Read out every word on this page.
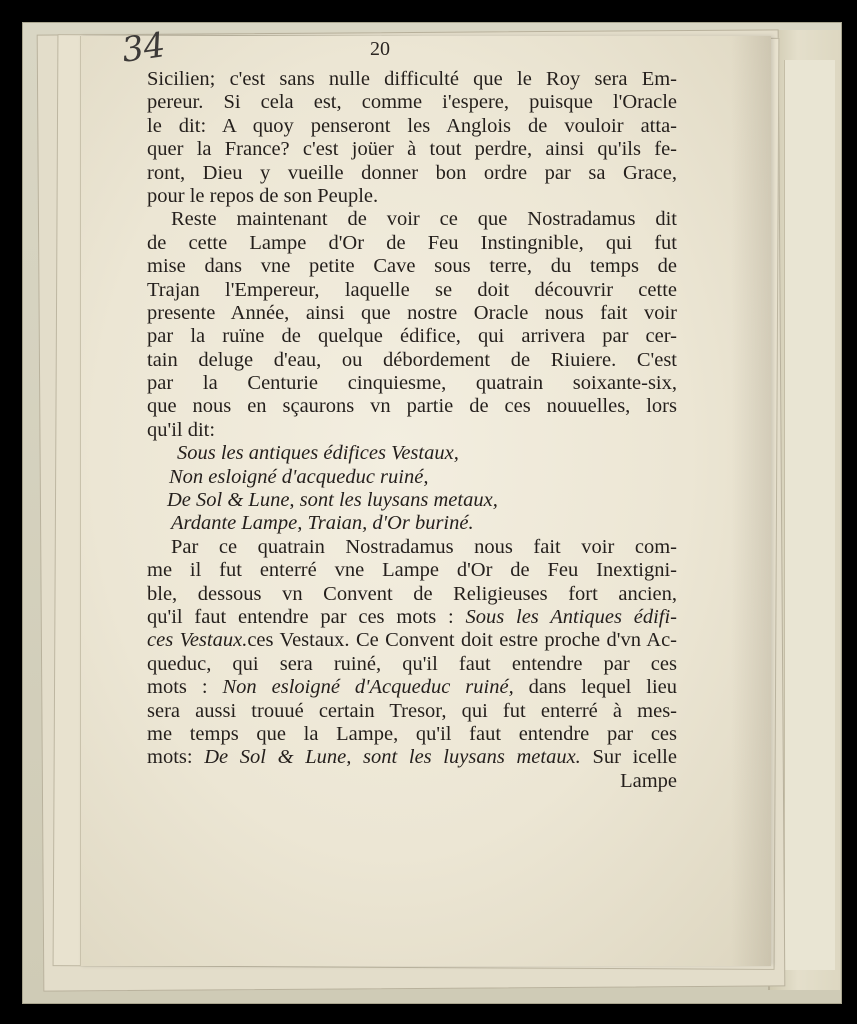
34	20
Sicilien; c'est sans nulle difficulté que le Roy sera Em-
pereur. Si cela est, comme i'espere, puisque l'Oracle
le dit: A quoy penseront les Anglois de vouloir atta-
quer la France? c'est joüer à tout perdre, ainsi qu'ils fe-
ront, Dieu y vueille donner bon ordre par sa Grace,
pour le repos de son Peuple.
Reste maintenant de voir ce que Nostradamus dit
de cette Lampe d'Or de Feu Instingnible, qui fut
mise dans vne petite Cave sous terre, du temps de
Trajan l'Empereur, laquelle se doit découvrir cette
presente Année, ainsi que nostre Oracle nous fait voir
par la ruïne de quelque édifice, qui arrivera par cer-
tain deluge d'eau, ou débordement de Riuiere. C'est
par la Centurie cinquiesme, quatrain soixante-six,
que nous en sçaurons vn partie de ces nouuelles, lors
qu'il dit:
Sous les antiques édifices Vestaux,
Non esloigné d'acqueduc ruiné,
De Sol & Lune, sont les luysans metaux,
Ardante Lampe, Traian, d'Or buriné.
Par ce quatrain Nostradamus nous fait voir com-
me il fut enterré vne Lampe d'Or de Feu Inextigni-
ble, dessous vn Convent de Religieuses fort ancien,
qu'il faut entendre par ces mots : Sous les Antiques édifi-
ces Vestaux.ces Vestaux. Ce Convent doit estre proche d'vn Ac-
queduc, qui sera ruiné, qu'il faut entendre par ces
mots : Non esloigné d'Acqueduc ruiné, dans lequel lieu
sera aussi trouué certain Tresor, qui fut enterré à mes-
me temps que la Lampe, qu'il faut entendre par ces
mots: De Sol & Lune, sont les luysans metaux. Sur icelle
Lampe
